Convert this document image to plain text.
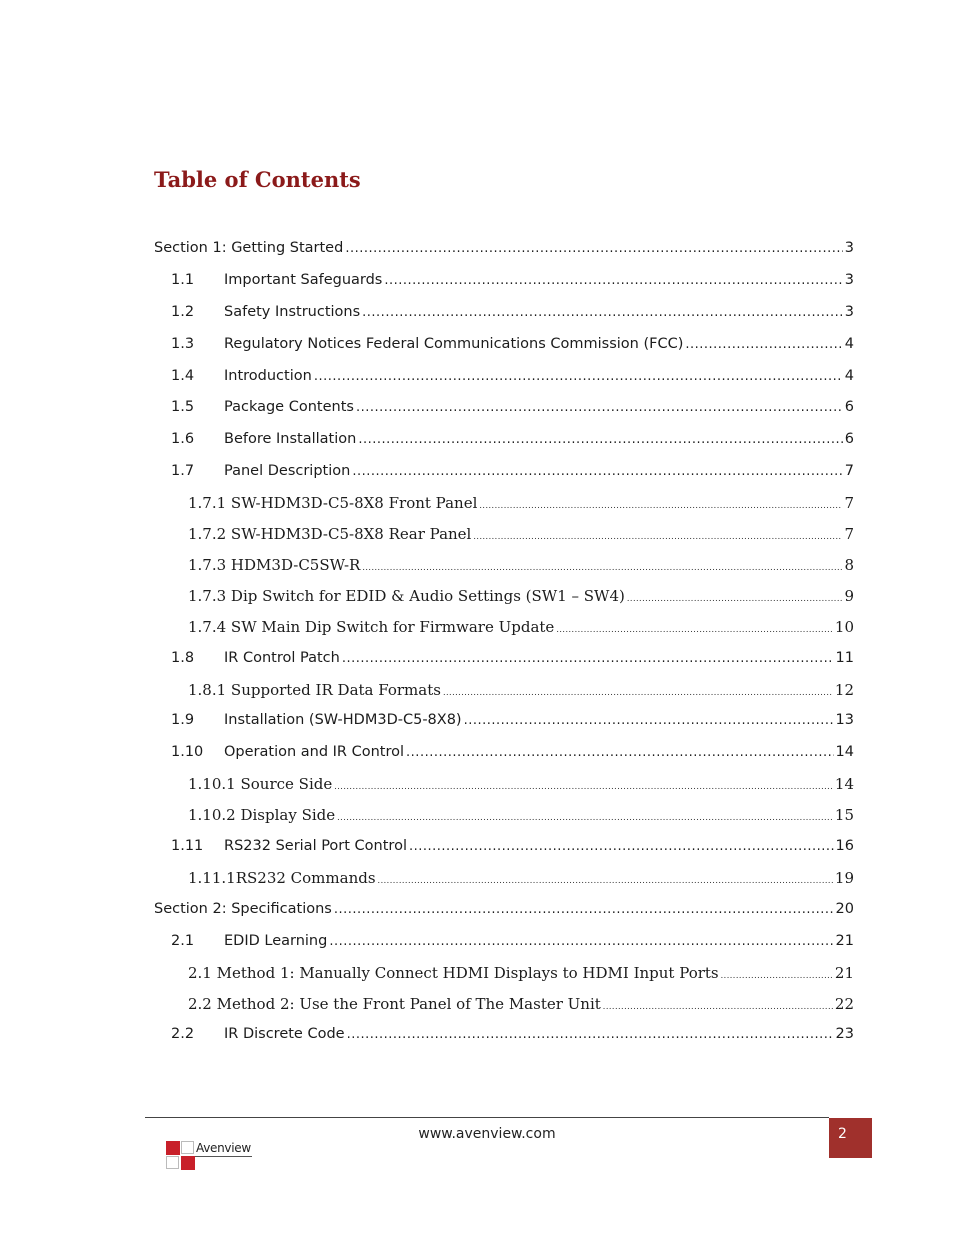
Table of Contents
Section 1: Getting Started .....	3
1.1	Important Safeguards .....	3
1.2	Safety Instructions .....	3
1.3	Regulatory Notices Federal Communications Commission (FCC) .....	4
1.4	Introduction .....	4
1.5	Package Contents .....	6
1.6	Before Installation .....	6
1.7	Panel Description .....	7
1.7.1 SW-HDM3D-C5-8X8 Front Panel .....	7
1.7.2 SW-HDM3D-C5-8X8 Rear Panel .....	7
1.7.3 HDM3D-C5SW-R .....	8
1.7.3 Dip Switch for EDID & Audio Settings (SW1 – SW4) .....	9
1.7.4 SW Main Dip Switch for Firmware Update .....	10
1.8	IR Control Patch .....	11
1.8.1 Supported IR Data Formats .....	12
1.9	Installation (SW-HDM3D-C5-8X8) .....	13
1.10	Operation and IR Control .....	14
1.10.1 Source Side .....	14
1.10.2 Display Side .....	15
1.11	RS232 Serial Port Control .....	16
1.11.1RS232 Commands .....	19
Section 2: Specifications .....	20
2.1	EDID Learning .....	21
2.1 Method 1: Manually Connect HDMI Displays to HDMI Input Ports .....	21
2.2 Method 2: Use the Front Panel of The Master Unit .....	22
2.2	IR Discrete Code .....	23
www.avenview.com	2
Avenview
